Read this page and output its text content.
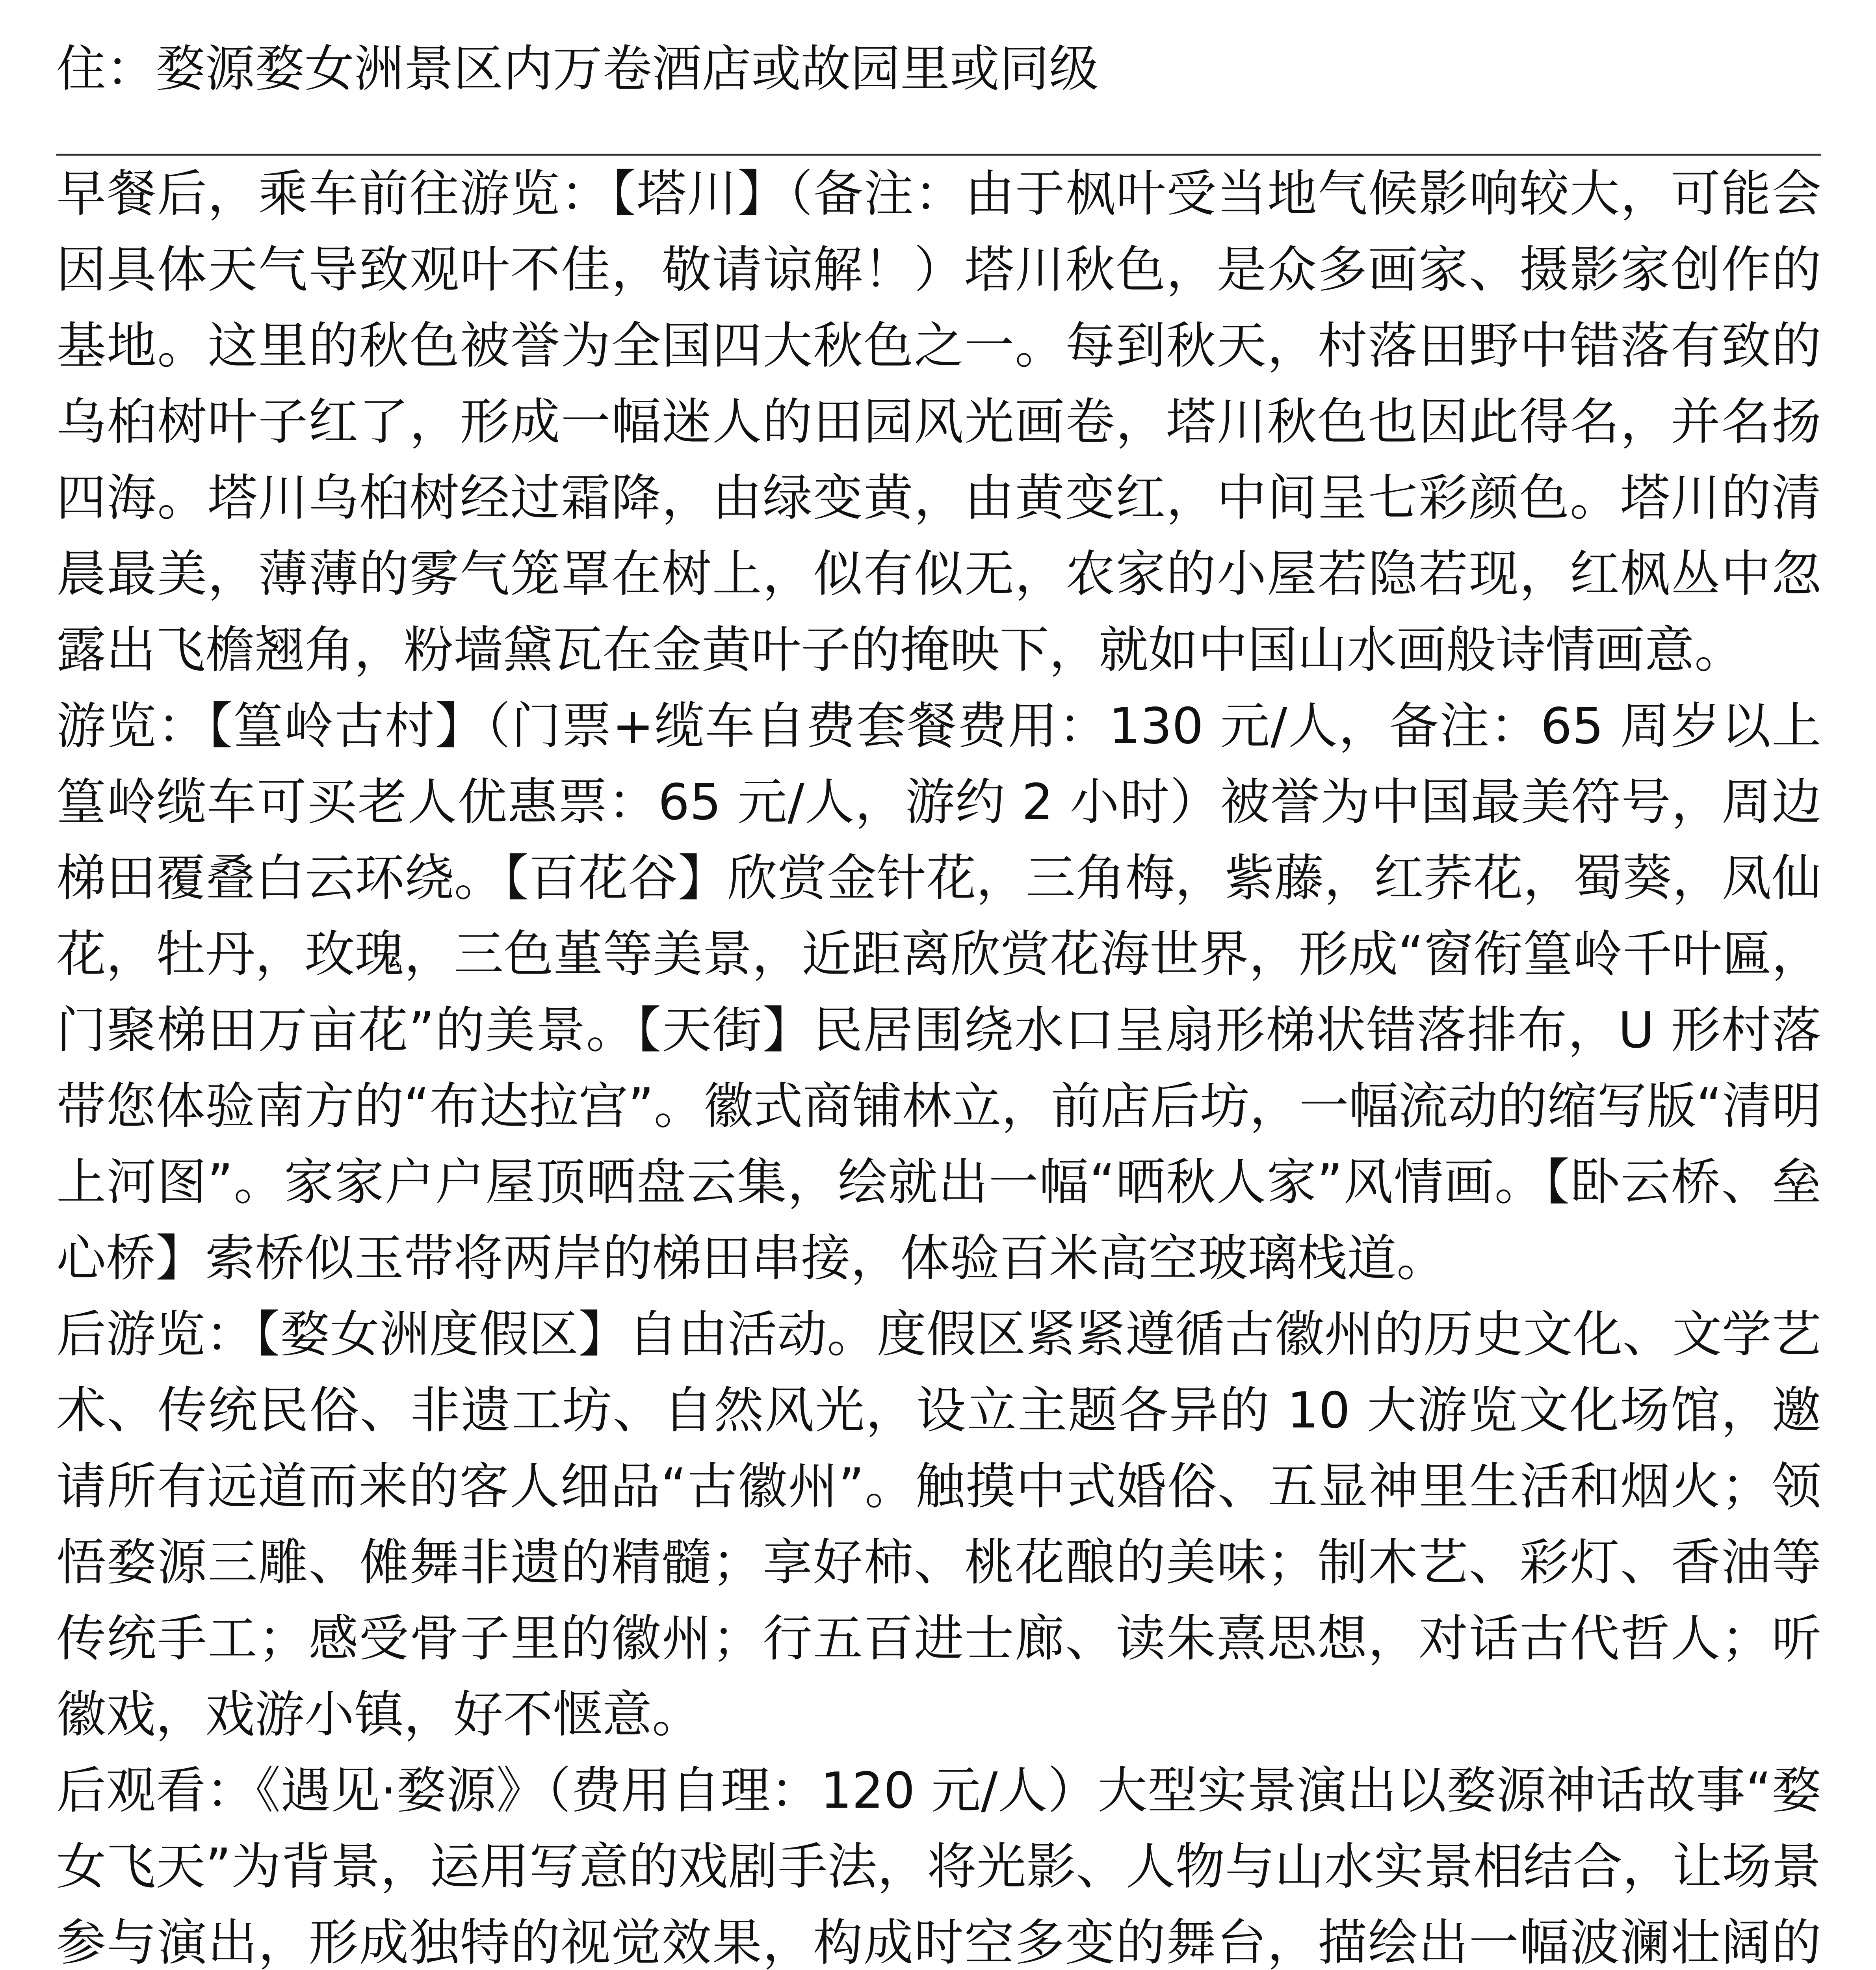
住：婺源婺女洲景区内万卷酒店或故园里或同级

早餐后，乘车前往游览：【塔川】（备注：由于枫叶受当地气候影响较大，可能会因具体天气导致观叶不佳，敬请谅解！）塔川秋色，是众多画家、摄影家创作的基地。这里的秋色被誉为全国四大秋色之一。每到秋天，村落田野中错落有致的乌桕树叶子红了，形成一幅迷人的田园风光画卷，塔川秋色也因此得名，并名扬四海。塔川乌桕树经过霜降，由绿变黄，由黄变红，中间呈七彩颜色。塔川的清晨最美，薄薄的雾气笼罩在树上，似有似无，农家的小屋若隐若现，红枫丛中忽露出飞檐翘角，粉墙黛瓦在金黄叶子的掩映下，就如中国山水画般诗情画意。

游览：【篁岭古村】（门票+缆车自费套餐费用：130 元/人，备注：65 周岁以上篁岭缆车可买老人优惠票：65 元/人，游约 2 小时）被誉为中国最美符号，周边梯田覆叠白云环绕。【百花谷】欣赏金针花，三角梅，紫藤，红荞花，蜀葵，凤仙花，牡丹，玫瑰，三色堇等美景，近距离欣赏花海世界，形成“窗衔篁岭千叶匾，门聚梯田万亩花”的美景。【天街】民居围绕水口呈扇形梯状错落排布，U 形村落带您体验南方的“布达拉宫”。徽式商铺林立，前店后坊，一幅流动的缩写版“清明上河图”。家家户户屋顶晒盘云集，绘就出一幅“晒秋人家”风情画。【卧云桥、垒心桥】索桥似玉带将两岸的梯田串接，体验百米高空玻璃栈道。

后游览：【婺女洲度假区】自由活动。度假区紧紧遵循古徽州的历史文化、文学艺术、传统民俗、非遗工坊、自然风光，设立主题各异的 10 大游览文化场馆，邀请所有远道而来的客人细品“古徽州”。触摸中式婚俗、五显神里生活和烟火；领悟婺源三雕、傩舞非遗的精髓；享好柿、桃花酿的美味；制木艺、彩灯、香油等传统手工；感受骨子里的徽州；行五百进士廊、读朱熹思想，对话古代哲人；听徽戏，戏游小镇，好不惬意。

后观看：《遇见·婺源》（费用自理：120 元/人）大型实景演出以婺源神话故事“婺女飞天”为背景，运用写意的戏剧手法，将光影、人物与山水实景相结合，让场景参与演出，形成独特的视觉效果，构成时空多变的舞台，描绘出一幅波澜壮阔的
